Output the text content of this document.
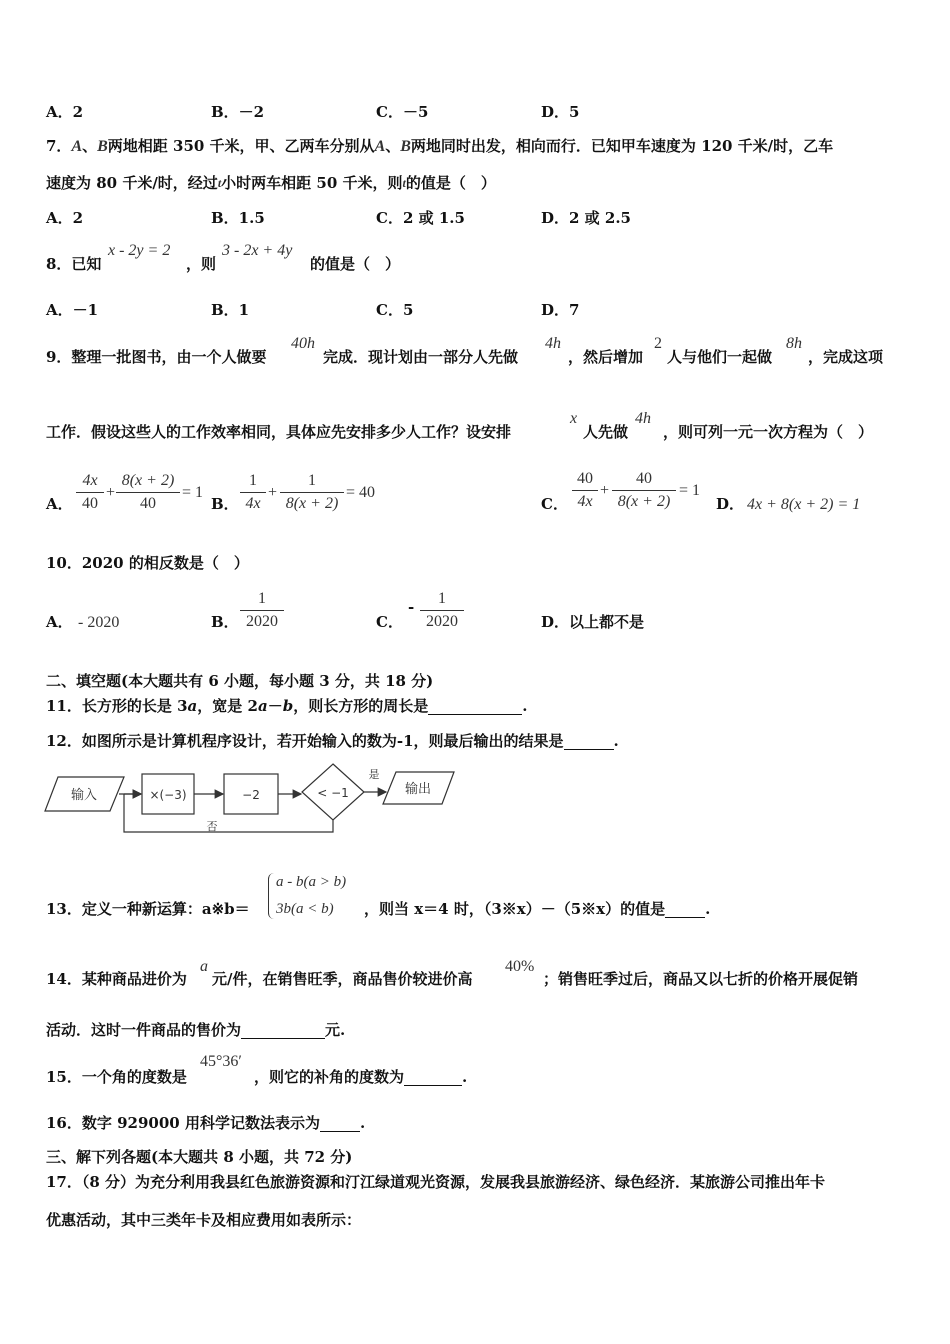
A．2	B．－2	C．－5	D．5
7．A、B两地相距 350 千米，甲、乙两车分别从A、B两地同时出发，相向而行．已知甲车速度为 120 千米/时，乙车
速度为 80 千米/时，经过$^t$小时两车相距 50 千米，则$^t$的值是（　）
A．2	B．1.5	C．2 或 1.5	D．2 或 2.5
8．已知
x - 2y = 2
，则
3 - 2x + 4y
的值是（　）
A．－1	B．1	C．5	D．7
9．整理一批图书，由一个人做要
40h
完成．现计划由一部分人先做
4h
，然后增加
2
人与他们一起做
8h
，完成这项
工作．假设这些人的工作效率相同，具体应先安排多少人工作？设安排
x
人先做
4h
，则可列一元一次方程为（　）
A．
4x
40
+
8(x + 2)
40
= 1
B．
1
4x
+
1
8(x + 2)
= 40
C．
40
4x
+
40
8(x + 2)
= 1
D． 4x + 8(x + 2) = 1
10．2020 的相反数是（　）
A． - 2020	B．
1
2020	C．
-	1
2020	D．以上都不是
二、填空题(本大题共有 6 小题，每小题 3 分，共 18 分)
11．长方形的长是 3a，宽是 2a－b，则长方形的周长是	.
12．如图所示是计算机程序设计，若开始输入的数为-1，则最后输出的结果是	.
输入	×(−3)	−2	< −1
是
输出
否
13．定义一种新运算：a※b＝
a - b(a > b)
3b(a < b) ，则当 x＝4 时，（3※x）－（5※x）的值是	.
14．某种商品进价为
a
元/件，在销售旺季，商品售价较进价高
40%
；销售旺季过后，商品又以七折的价格开展促销
活动．这时一件商品的售价为	元.
15．一个角的度数是
45°36′
，则它的补角的度数为	.
16．数字 929000 用科学记数法表示为	.
三、解下列各题(本大题共 8 小题，共 72 分)
17．（8 分）为充分利用我县红色旅游资源和汀江绿道观光资源，发展我县旅游经济、绿色经济．某旅游公司推出年卡
优惠活动，其中三类年卡及相应费用如表所示：
